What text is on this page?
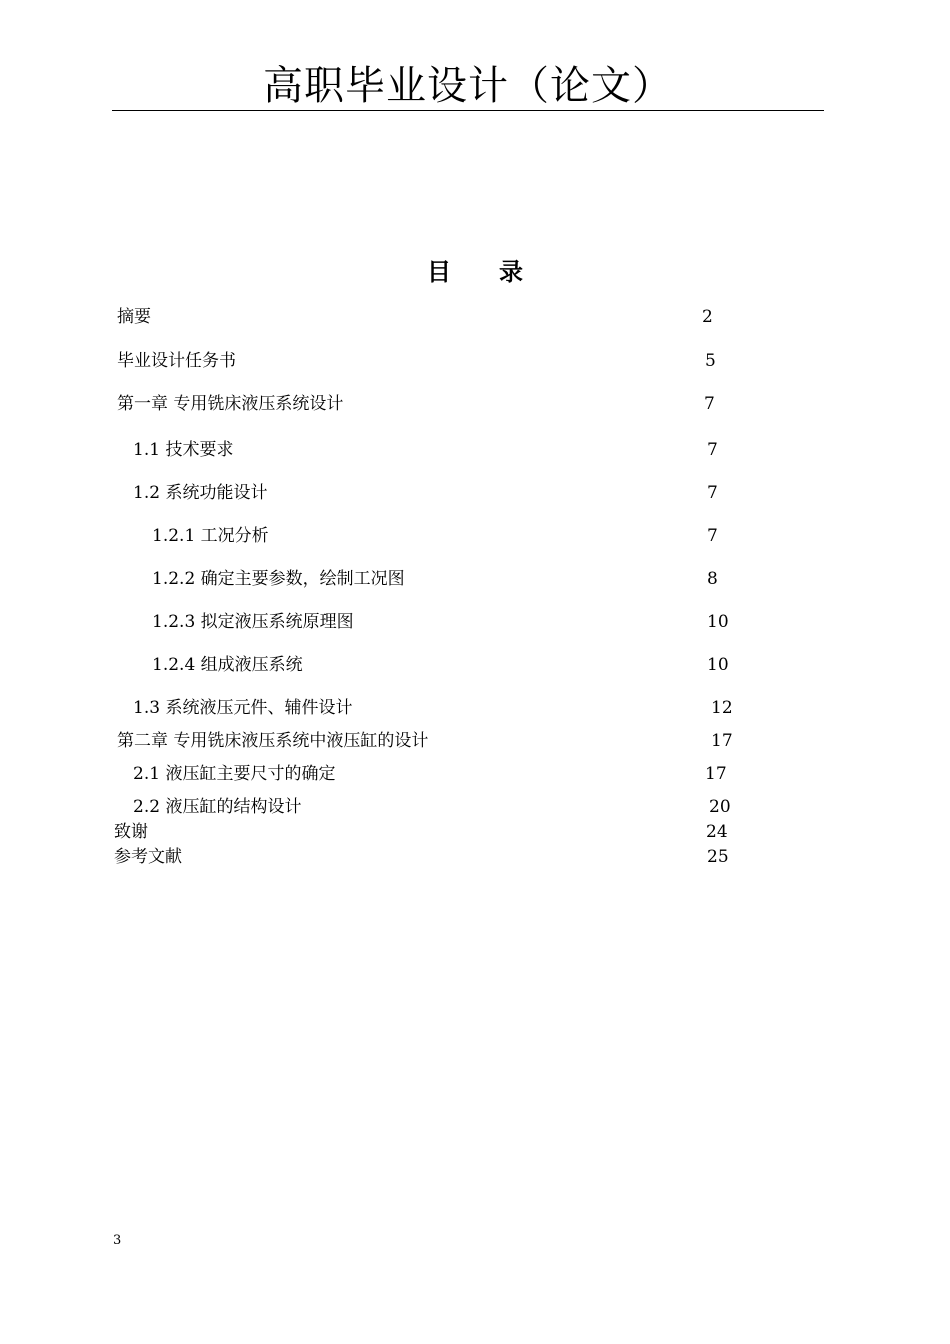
高职毕业设计（论文）
目 录
摘要	2
毕业设计任务书	5
第一章 专用铣床液压系统设计	7
1.1 技术要求	7
1.2 系统功能设计	7
1.2.1 工况分析	7
1.2.2 确定主要参数，绘制工况图	8
1.2.3 拟定液压系统原理图	10
1.2.4 组成液压系统	10
1.3 系统液压元件、辅件设计	12
第二章 专用铣床液压系统中液压缸的设计	17
2.1 液压缸主要尺寸的确定	17
2.2 液压缸的结构设计	20
致谢	24
参考文献	25
3
